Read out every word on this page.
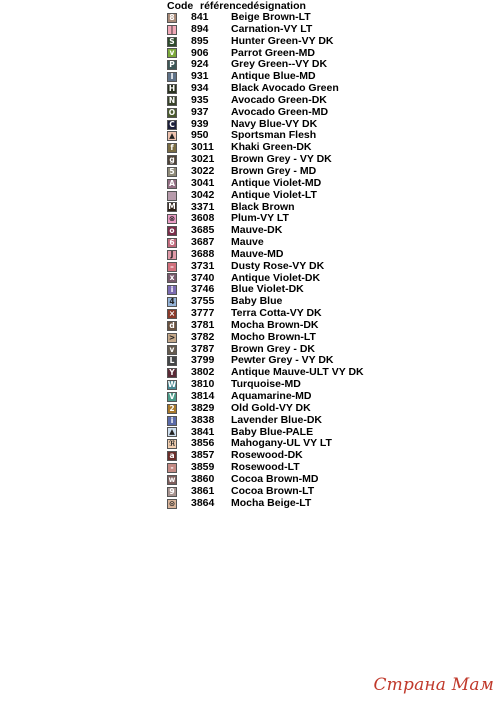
Code référence désignation
8 841	Beige Brown-LT
|	894	Carnation-VY LT
S 895	Hunter Green-VY DK
v 906	Parrot Green-MD
P 924	Grey Green--VY DK
I	931	Antique Blue-MD
H 934	Black Avocado Green
N 935	Avocado Green-DK
O 937	Avocado Green-MD
C 939	Navy Blue-VY DK
▲ 950	Sportsman Flesh
f	3011	Khaki Green-DK
g 3021	Brown Grey - VY DK
5 3022	Brown Grey - MD
A 3041	Antique Violet-MD
3042	Antique Violet-LT
M 3371	Black Brown
⊗ 3608	Plum-VY LT
o 3685	Mauve-DK
6 3687	Mauve
J	3688	Mauve-MD
– 3731	Dusty Rose-VY DK
x 3740	Antique Violet-DK
i	3746	Blue Violet-DK
4 3755	Baby Blue
× 3777	Terra Cotta-VY DK
d 3781	Mocha Brown-DK
> 3782	Mocho Brown-LT
v 3787	Brown Grey - DK
L 3799	Pewter Grey - VY DK
Y 3802	Antique Mauve-ULT VY DK
W 3810	Turquoise-MD
V 3814	Aquamarine-MD
2 3829	Old Gold-VY DK
i	3838	Lavender Blue-DK
▲ 3841	Baby Blue-PALE
ℜ 3856	Mahogany-UL VY LT
a 3857	Rosewood-DK
-	3859	Rosewood-LT
w 3860	Cocoa Brown-MD
9 3861	Cocoa Brown-LT
⊙ 3864	Mocha Beige-LT
Страна Мам
